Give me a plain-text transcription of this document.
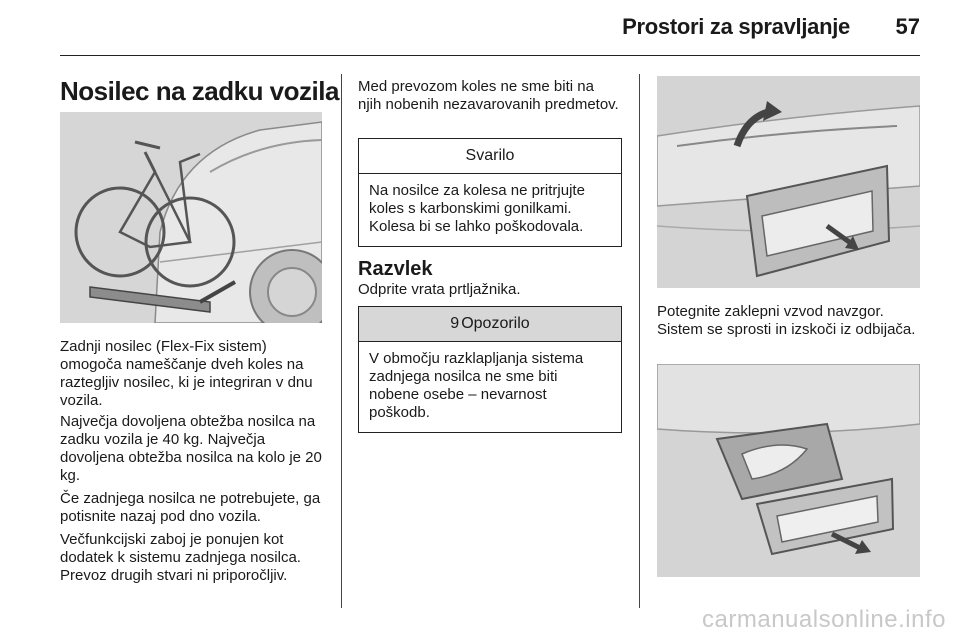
Prostori za spravljanje	57
Nosilec na zadku vozila

Zadnji nosilec (Flex-Fix sistem) omogoča nameščanje dveh koles na raztegljiv nosilec, ki je integriran v dnu vozila.

Največja dovoljena obtežba nosilca na zadku vozila je 40 kg. Največja dovoljena obtežba nosilca na kolo je 20 kg.

Če zadnjega nosilca ne potrebujete, ga potisnite nazaj pod dno vozila.

Večfunkcijski zaboj je ponujen kot dodatek k sistemu zadnjega nosilca. Prevoz drugih stvari ni priporočljiv.

Med prevozom koles ne sme biti na njih nobenih nezavarovanih predmetov.

Svarilo
Na nosilce za kolesa ne pritrjujte koles s karbonskimi gonilkami. Kolesa bi se lahko poškodovala.
Razvlek

Odprite vrata prtljažnika.

9 Opozorilo
V območju razklapljanja sistema zadnjega nosilca ne sme biti nobene osebe – nevarnost poškodb.

Potegnite zaklepni vzvod navzgor. Sistem se sprosti in izskoči iz odbijača.

carmanualsonline.info
